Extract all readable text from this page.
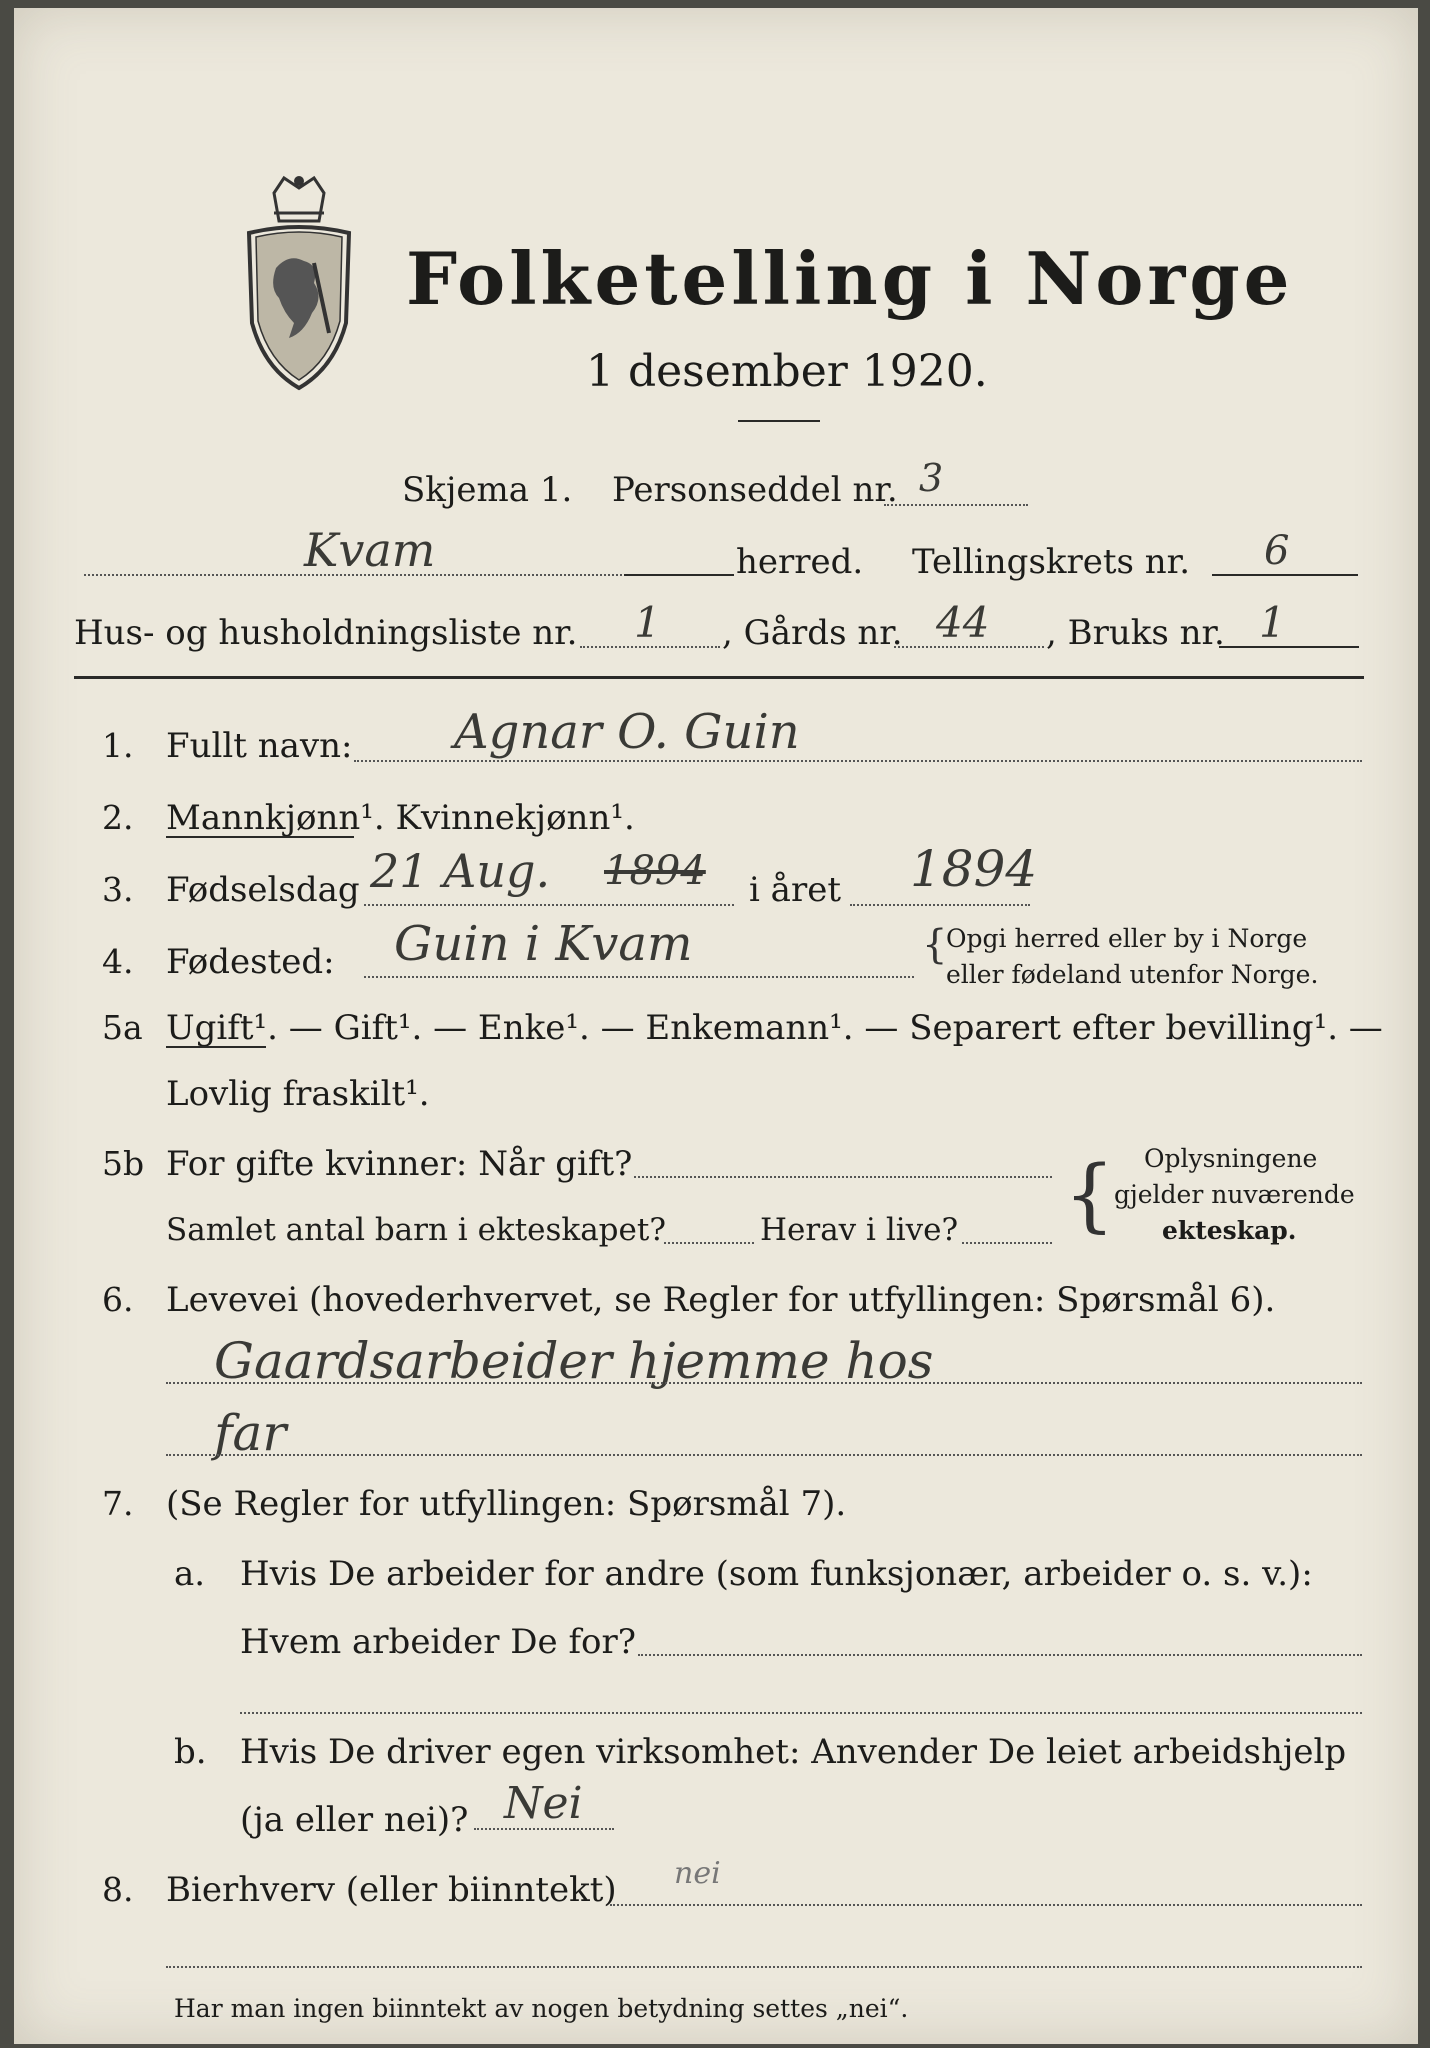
Folketelling i Norge
1 desember 1920.
Skjema 1. Personseddel nr. 3
Kvam	herred. Tellingskrets nr. 6
Hus- og husholdningsliste nr. 1 , Gårds nr. 44 , Bruks nr. 1
1. Fullt navn: Agnar O. Guin
2. Mannkjønn¹. Kvinnekjønn¹.
3. Fødselsdag 21 Aug. 1894 i året 1894
4. Fødested: Guin i Kvam	{
Opgi herred eller by i Norge
eller fødeland utenfor Norge.
5a Ugift¹. — Gift¹. — Enke¹. — Enkemann¹. — Separert efter bevilling¹. —
Lovlig fraskilt¹.
5b For gifte kvinner: Når gift?
Samlet antal barn i ekteskapet?	Herav i live? { Oplysningene
gjelder nuværende
ekteskap.
6. Levevei (hovederhvervet, se Regler for utfyllingen: Spørsmål 6).
Gaardsarbeider hjemme hos
far
7. (Se Regler for utfyllingen: Spørsmål 7).
a. Hvis De arbeider for andre (som funksjonær, arbeider o. s. v.):
Hvem arbeider De for?
b. Hvis De driver egen virksomhet: Anvender De leiet arbeidshjelp
(ja eller nei)? Nei
8. Bierhverv (eller biinntekt) nei
Har man ingen biinntekt av nogen betydning settes „nei“.
